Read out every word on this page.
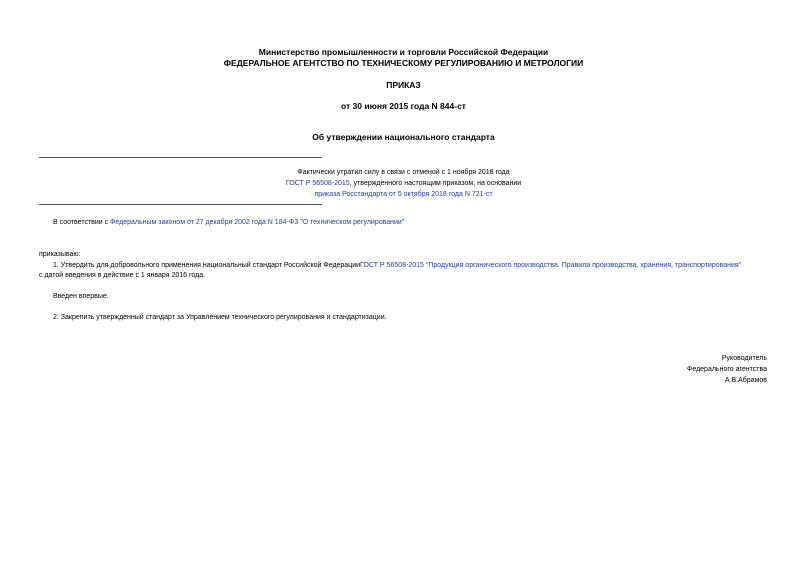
Министерство промышленности и торговли Российской Федерации
ФЕДЕРАЛЬНОЕ АГЕНТСТВО ПО ТЕХНИЧЕСКОМУ РЕГУЛИРОВАНИЮ И МЕТРОЛОГИИ
ПРИКАЗ
от 30 июня 2015 года N 844-ст
Об утверждении национального стандарта
Фактически утратил силу в связи с отменой с 1 ноября 2018 года
ГОСТ Р 56508-2015, утвержденного настоящим приказом, на основании
приказа Росстандарта от 5 октября 2018 года N 721-ст
В соответствии с Федеральным законом от 27 декабря 2002 года N 184-ФЗ "О техническом регулировании"
приказываю:
1. Утвердить для добровольного применения национальный стандарт Российской ФедерацииГОСТ Р 56508-2015 "Продукция органического производства. Правила производства, хранения, транспортирования"
с датой введения в действие с 1 января 2016 года.
Введен впервые.
2. Закрепить утвержденный стандарт за Управлением технического регулирования и стандартизации.
Руководитель
Федерального агентства
А.В.Абрамов
